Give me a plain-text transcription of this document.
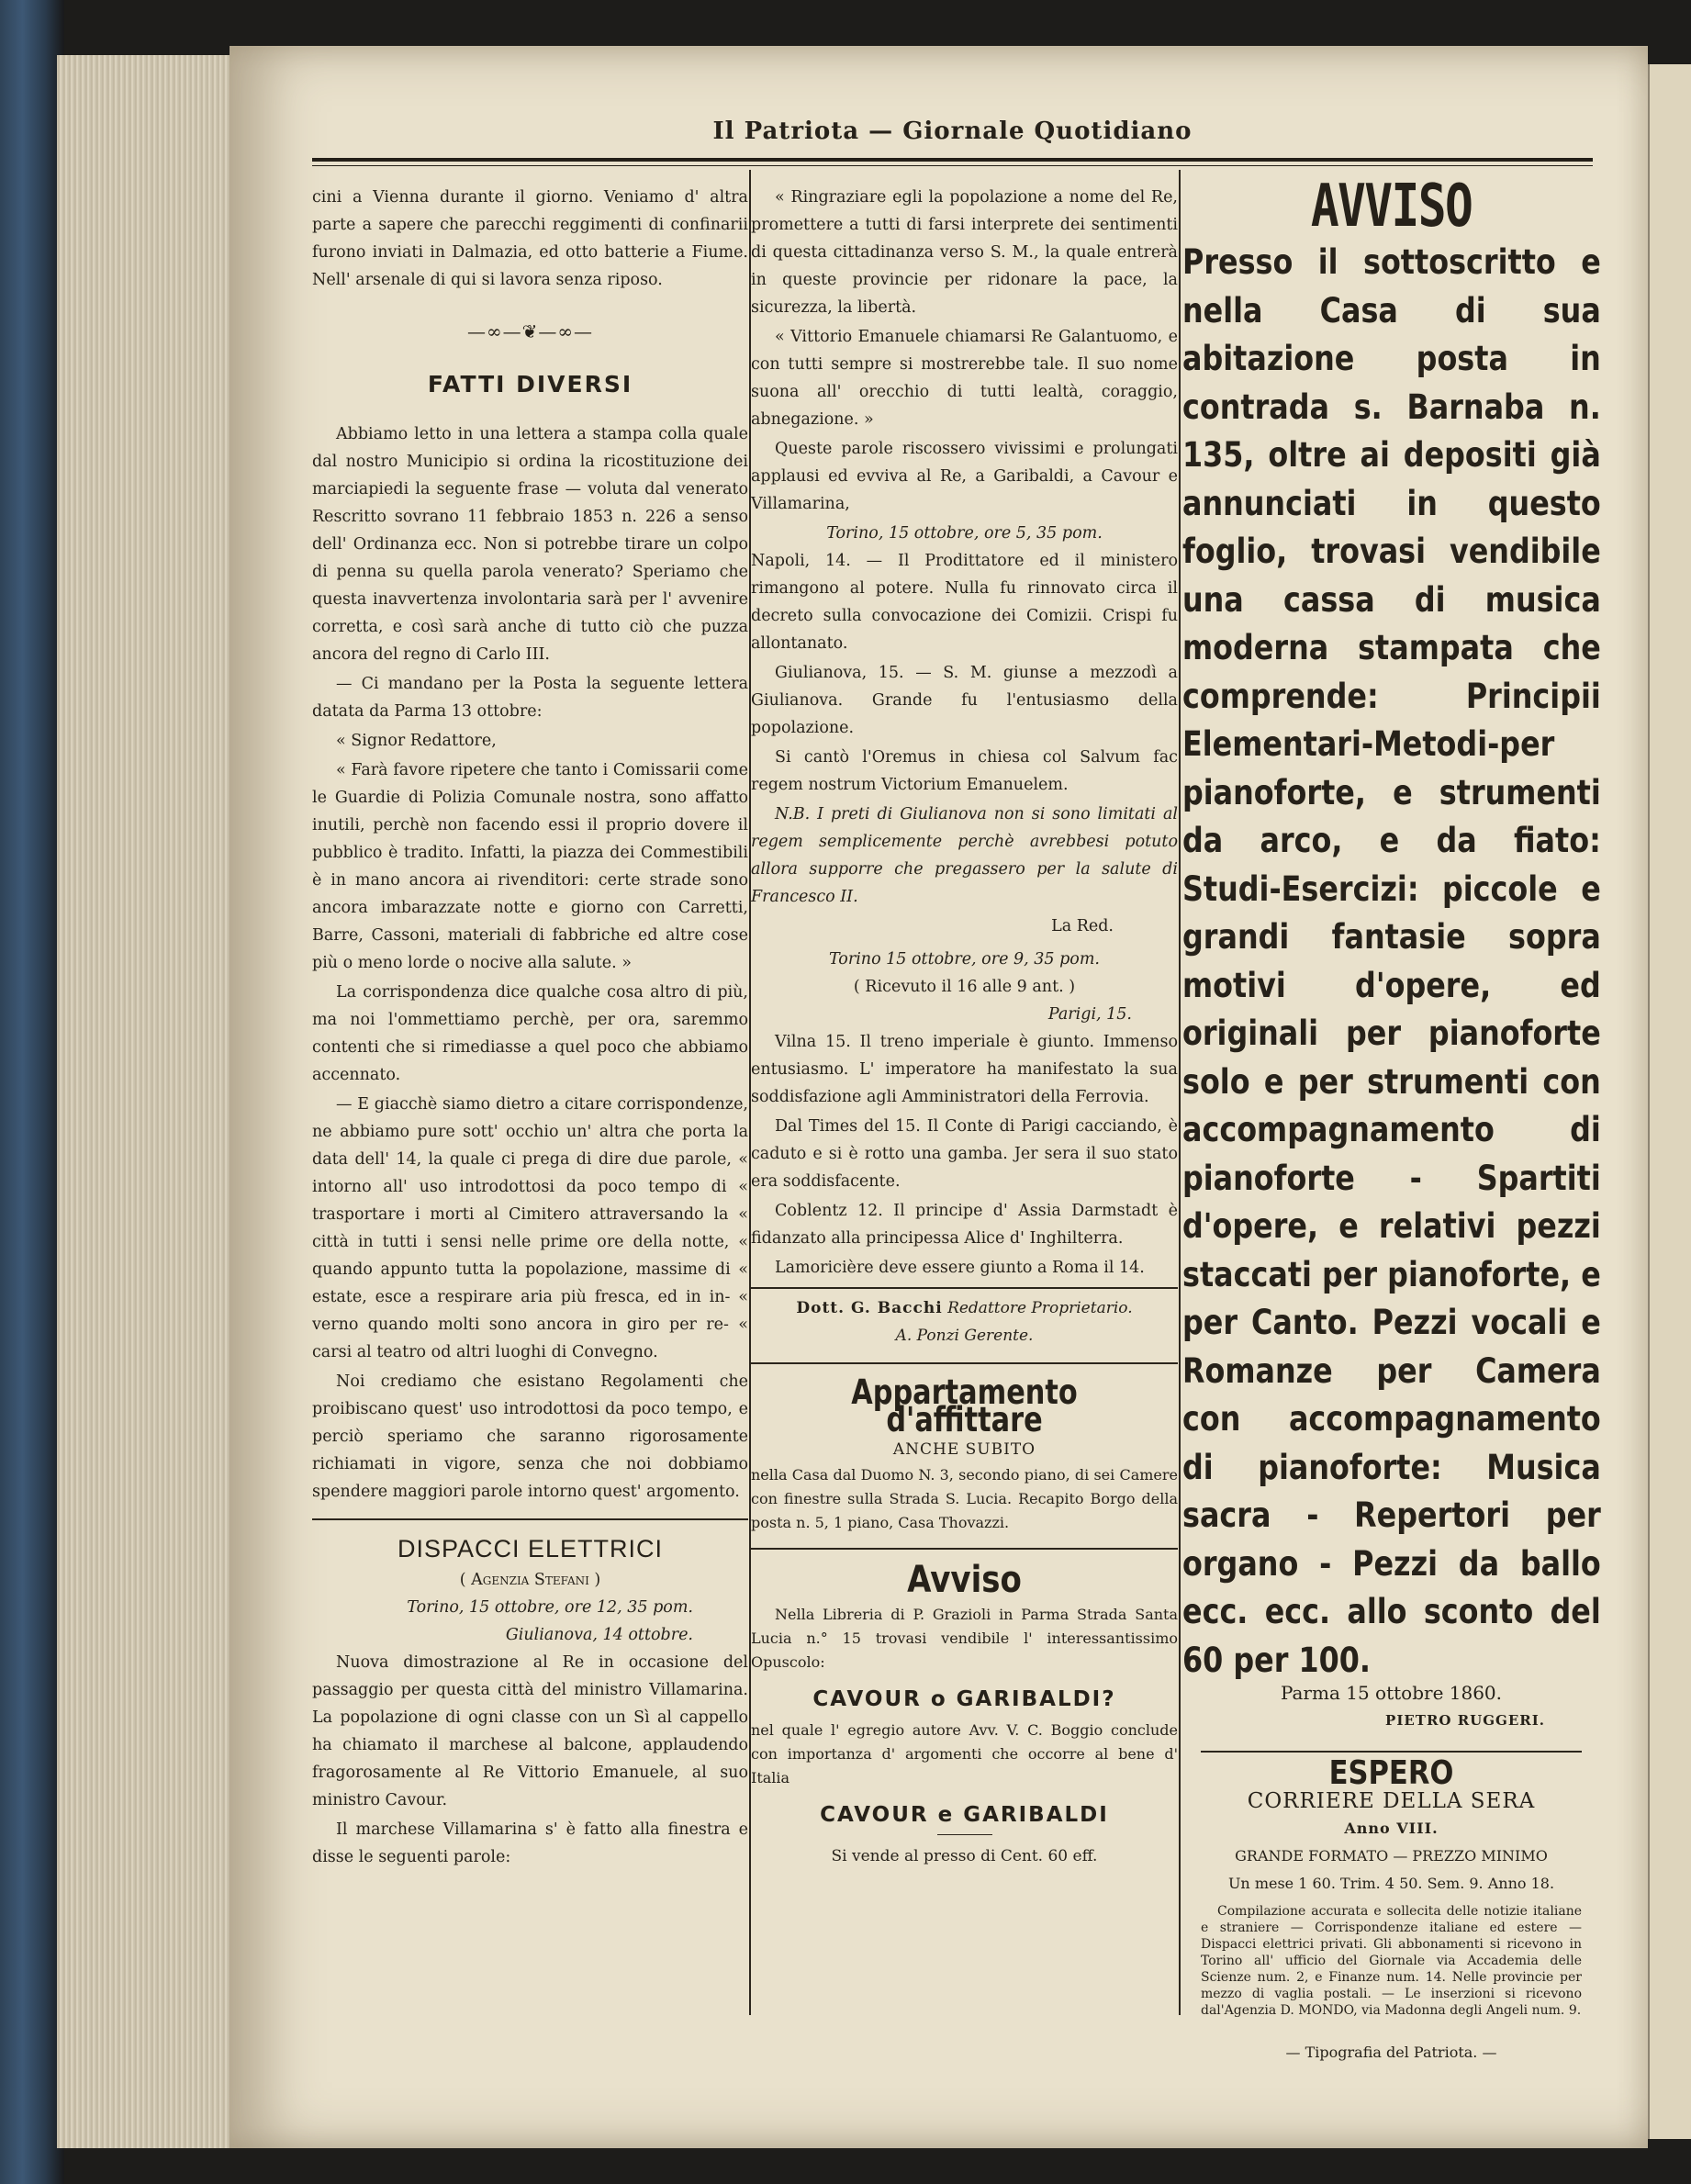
Il Patriota — Giornale Quotidiano

cini a Vienna durante il giorno. Veniamo d' altra parte a sapere che parecchi reggimenti di confinarii furono inviati in Dalmazia, ed otto batterie a Fiume. Nell' arsenale di qui si lavora senza riposo.

—∞—❦—∞—
FATTI DIVERSI

Abbiamo letto in una lettera a stampa colla quale dal nostro Municipio si ordina la ricostituzione dei marciapiedi la seguente frase — voluta dal venerato Rescritto sovrano 11 febbraio 1853 n. 226 a senso dell' Ordinanza ecc. Non si potrebbe tirare un colpo di penna su quella parola venerato? Speriamo che questa inavvertenza involontaria sarà per l' avvenire corretta, e così sarà anche di tutto ciò che puzza ancora del regno di Carlo III.

— Ci mandano per la Posta la seguente lettera datata da Parma 13 ottobre:

« Signor Redattore,

« Farà favore ripetere che tanto i Comissarii come le Guardie di Polizia Comunale nostra, sono affatto inutili, perchè non facendo essi il proprio dovere il pubblico è tradito. Infatti, la piazza dei Commestibili è in mano ancora ai rivenditori: certe strade sono ancora imbarazzate notte e giorno con Carretti, Barre, Cassoni, materiali di fabbriche ed altre cose più o meno lorde o nocive alla salute. »

La corrispondenza dice qualche cosa altro di più, ma noi l'ommettiamo perchè, per ora, saremmo contenti che si rimediasse a quel poco che abbiamo accennato.

— E giacchè siamo dietro a citare corrispondenze, ne abbiamo pure sott' occhio un' altra che porta la data dell' 14, la quale ci prega di dire due parole, « intorno all' uso introdottosi da poco tempo di « trasportare i morti al Cimitero attraversando la « città in tutti i sensi nelle prime ore della notte, « quando appunto tutta la popolazione, massime di « estate, esce a respirare aria più fresca, ed in in- « verno quando molti sono ancora in giro per re- « carsi al teatro od altri luoghi di Convegno.

Noi crediamo che esistano Regolamenti che proibiscano quest' uso introdottosi da poco tempo, e perciò speriamo che saranno rigorosamente richiamati in vigore, senza che noi dobbiamo spendere maggiori parole intorno quest' argomento.

DISPACCI ELETTRICI
( Agenzia Stefani )
Torino, 15 ottobre, ore 12, 35 pom.
Giulianova, 14 ottobre.

Nuova dimostrazione al Re in occasione del passaggio per questa città del ministro Villamarina. La popolazione di ogni classe con un Sì al cappello ha chiamato il marchese al balcone, applaudendo fragorosamente al Re Vittorio Emanuele, al suo ministro Cavour.

Il marchese Villamarina s' è fatto alla finestra e disse le seguenti parole:

« Ringraziare egli la popolazione a nome del Re, promettere a tutti di farsi interprete dei sentimenti di questa cittadinanza verso S. M., la quale entrerà in queste provincie per ridonare la pace, la sicurezza, la libertà.

« Vittorio Emanuele chiamarsi Re Galantuomo, e con tutti sempre si mostrerebbe tale. Il suo nome suona all' orecchio di tutti lealtà, coraggio, abnegazione. »

Queste parole riscossero vivissimi e prolungati applausi ed evviva al Re, a Garibaldi, a Cavour e Villamarina,

Torino, 15 ottobre, ore 5, 35 pom.

Napoli, 14. — Il Prodittatore ed il ministero rimangono al potere. Nulla fu rinnovato circa il decreto sulla convocazione dei Comizii. Crispi fu allontanato.

Giulianova, 15. — S. M. giunse a mezzodì a Giulianova. Grande fu l'entusiasmo della popolazione.

Si cantò l'Oremus in chiesa col Salvum fac regem nostrum Victorium Emanuelem.

N.B. I preti di Giulianova non si sono limitati al regem semplicemente perchè avrebbesi potuto allora supporre che pregassero per la salute di Francesco II.

La Red.
Torino 15 ottobre, ore 9, 35 pom.
( Ricevuto il 16 alle 9 ant. )
Parigi, 15.

Vilna 15. Il treno imperiale è giunto. Immenso entusiasmo. L' imperatore ha manifestato la sua soddisfazione agli Amministratori della Ferrovia.

Dal Times del 15. Il Conte di Parigi cacciando, è caduto e si è rotto una gamba. Jer sera il suo stato era soddisfacente.

Coblentz 12. Il principe d' Assia Darmstadt è fidanzato alla principessa Alice d' Inghilterra.

Lamoricière deve essere giunto a Roma il 14.

Dott. G. Bacchi Redattore Proprietario.
A. Ponzi Gerente.
Appartamento d'affittare
ANCHE SUBITO

nella Casa dal Duomo N. 3, secondo piano, di sei Camere con finestre sulla Strada S. Lucia. Recapito Borgo della posta n. 5, 1 piano, Casa Thovazzi.

Avviso

Nella Libreria di P. Grazioli in Parma Strada Santa Lucia n.° 15 trovasi vendibile l' interessantissimo Opuscolo:

CAVOUR o GARIBALDI?

nel quale l' egregio autore Avv. V. C. Boggio conclude con importanza d' argomenti che occorre al bene d' Italia

CAVOUR e GARIBALDI
Si vende al presso di Cent. 60 eff.
AVVISO
Presso il sottoscritto e nella Casa di sua abitazione posta in contrada s. Barnaba n. 135, oltre ai depositi già annunciati in questo foglio, trovasi vendibile una cassa di musica moderna stampata che comprende: Principii Elementari-Metodi-per pianoforte, e strumenti da arco, e da fiato: Studi-Esercizi: piccole e grandi fantasie sopra motivi d'opere, ed originali per pianoforte solo e per strumenti con accompagnamento di pianoforte - Spartiti d'opere, e relativi pezzi staccati per pianoforte, e per Canto. Pezzi vocali e Romanze per Camera con accompagnamento di pianoforte: Musica sacra - Repertori per organo - Pezzi da ballo ecc. ecc. allo sconto del 60 per 100.
Parma 15 ottobre 1860.
PIETRO RUGGERI.
ESPERO
CORRIERE DELLA SERA
Anno VIII.
GRANDE FORMATO — PREZZO MINIMO
Un mese 1 60. Trim. 4 50. Sem. 9. Anno 18.

Compilazione accurata e sollecita delle notizie italiane e straniere — Corrispondenze italiane ed estere — Dispacci elettrici privati. Gli abbonamenti si ricevono in Torino all' ufficio del Giornale via Accademia delle Scienze num. 2, e Finanze num. 14. Nelle provincie per mezzo di vaglia postali. — Le inserzioni si ricevono dal'Agenzia D. MONDO, via Madonna degli Angeli num. 9.

— Tipografia del Patriota. —
